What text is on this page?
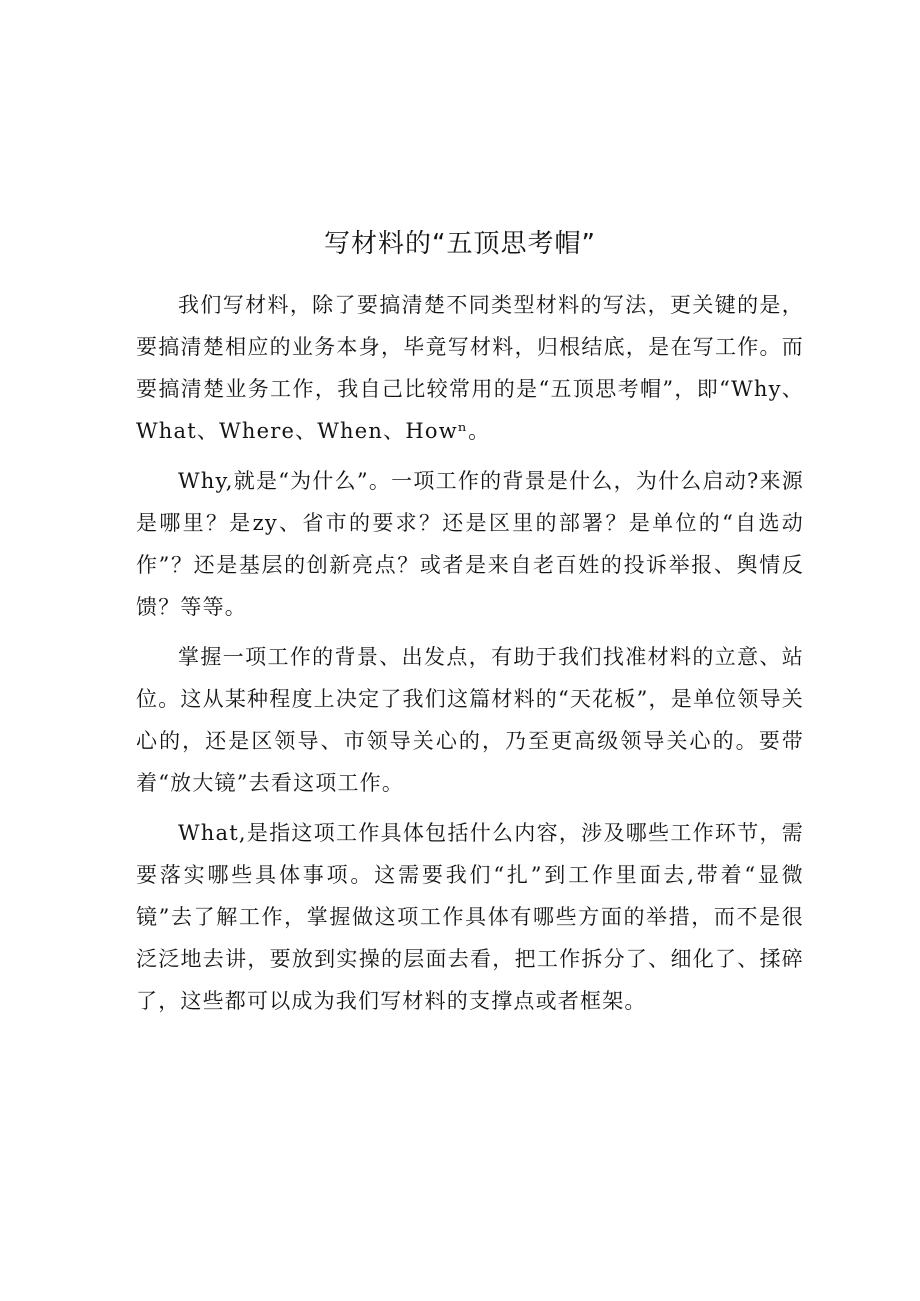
写材料的“五顶思考帽”

我们写材料，除了要搞清楚不同类型材料的写法，更关键的是，要搞清楚相应的业务本身，毕竟写材料，归根结底，是在写工作。而要搞清楚业务工作，我自己比较常用的是“五顶思考帽”，即“Why、What、Where、When、Howⁿ。

Why,就是“为什么”。一项工作的背景是什么，为什么启动?来源是哪里？是zy、省市的要求？还是区里的部署？是单位的“自选动作”？还是基层的创新亮点？或者是来自老百姓的投诉举报、舆情反馈？等等。

掌握一项工作的背景、出发点，有助于我们找准材料的立意、站位。这从某种程度上决定了我们这篇材料的“天花板”，是单位领导关心的，还是区领导、市领导关心的，乃至更高级领导关心的。要带着“放大镜”去看这项工作。

What,是指这项工作具体包括什么内容，涉及哪些工作环节，需要落实哪些具体事项。这需要我们“扎”到工作里面去,带着“显微镜”去了解工作，掌握做这项工作具体有哪些方面的举措，而不是很泛泛地去讲，要放到实操的层面去看，把工作拆分了、细化了、揉碎了，这些都可以成为我们写材料的支撑点或者框架。
